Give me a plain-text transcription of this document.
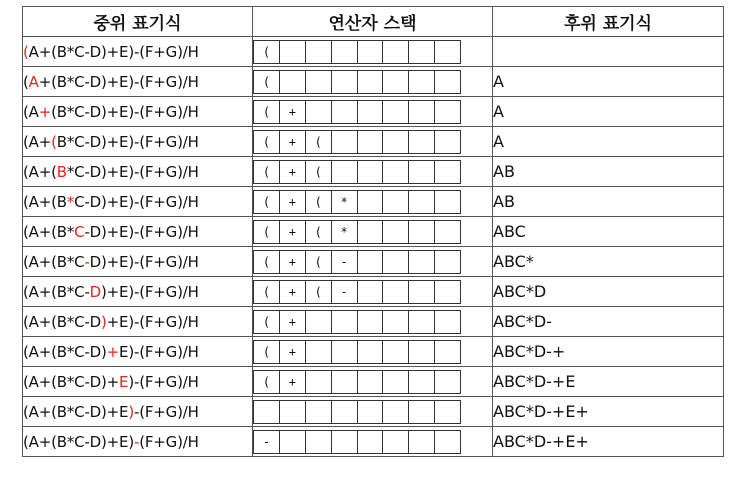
중위 표기식	연산자 스택	후위 표기식
(A+(B*C-D)+E)-(F+G)/H	(	

(A+(B*C-D)+E)-(F+G)/H	(	A
(A+(B*C-D)+E)-(F+G)/H	( +	A
(A+(B*C-D)+E)-(F+G)/H	( + (	A
(A+(B*C-D)+E)-(F+G)/H	( + (	AB
(A+(B*C-D)+E)-(F+G)/H	( + ( *	AB
(A+(B*C-D)+E)-(F+G)/H	( + ( *	ABC
(A+(B*C-D)+E)-(F+G)/H	( + ( -	ABC*
(A+(B*C-D)+E)-(F+G)/H	( + ( -	ABC*D
(A+(B*C-D)+E)-(F+G)/H	( +	ABC*D-
(A+(B*C-D)+E)-(F+G)/H	( +	ABC*D-+
(A+(B*C-D)+E)-(F+G)/H	( +	ABC*D-+E
(A+(B*C-D)+E)-(F+G)/H		ABC*D-+E+
(A+(B*C-D)+E)-(F+G)/H	-	ABC*D-+E+
